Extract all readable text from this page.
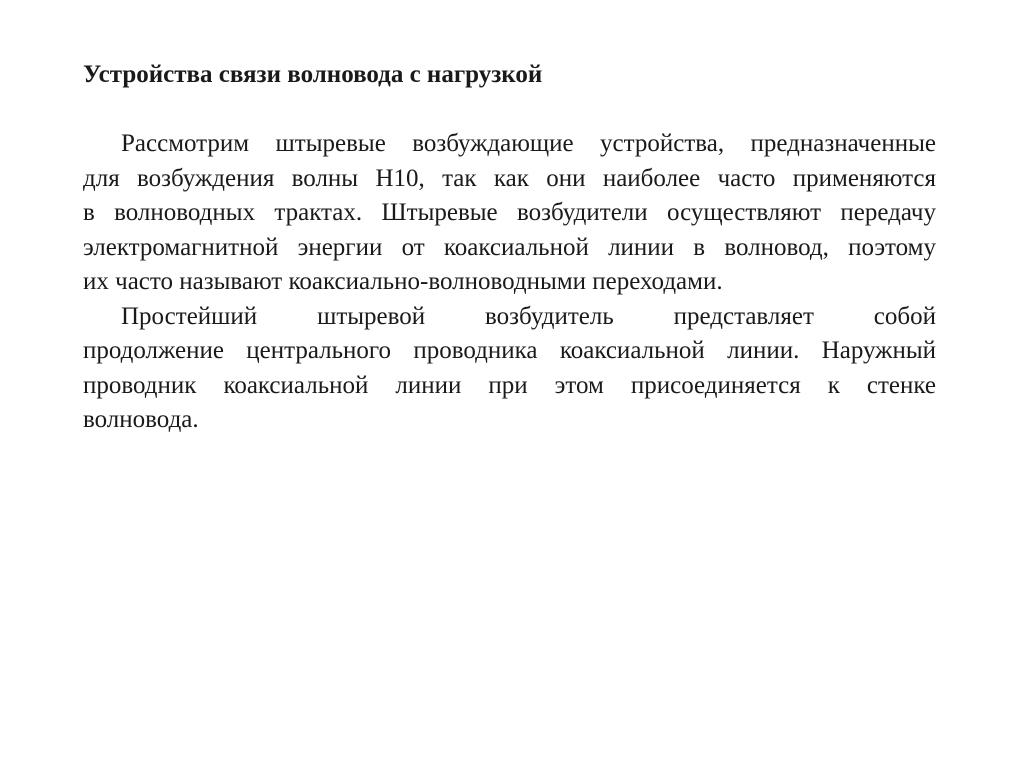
Устройства связи волновода с нагрузкой

Рассмотрим штыревые возбуждающие устройства, предназначенные
для возбуждения волны H10, так как они наиболее часто применяются
в волноводных трактах. Штыревые возбудители осуществляют передачу
электромагнитной энергии от коаксиальной линии в волновод, поэтому
их часто называют коаксиально-волноводными переходами.

Простейший штыревой возбудитель представляет собой
продолжение центрального проводника коаксиальной линии. Наружный
проводник коаксиальной линии при этом присоединяется к стенке
волновода.
